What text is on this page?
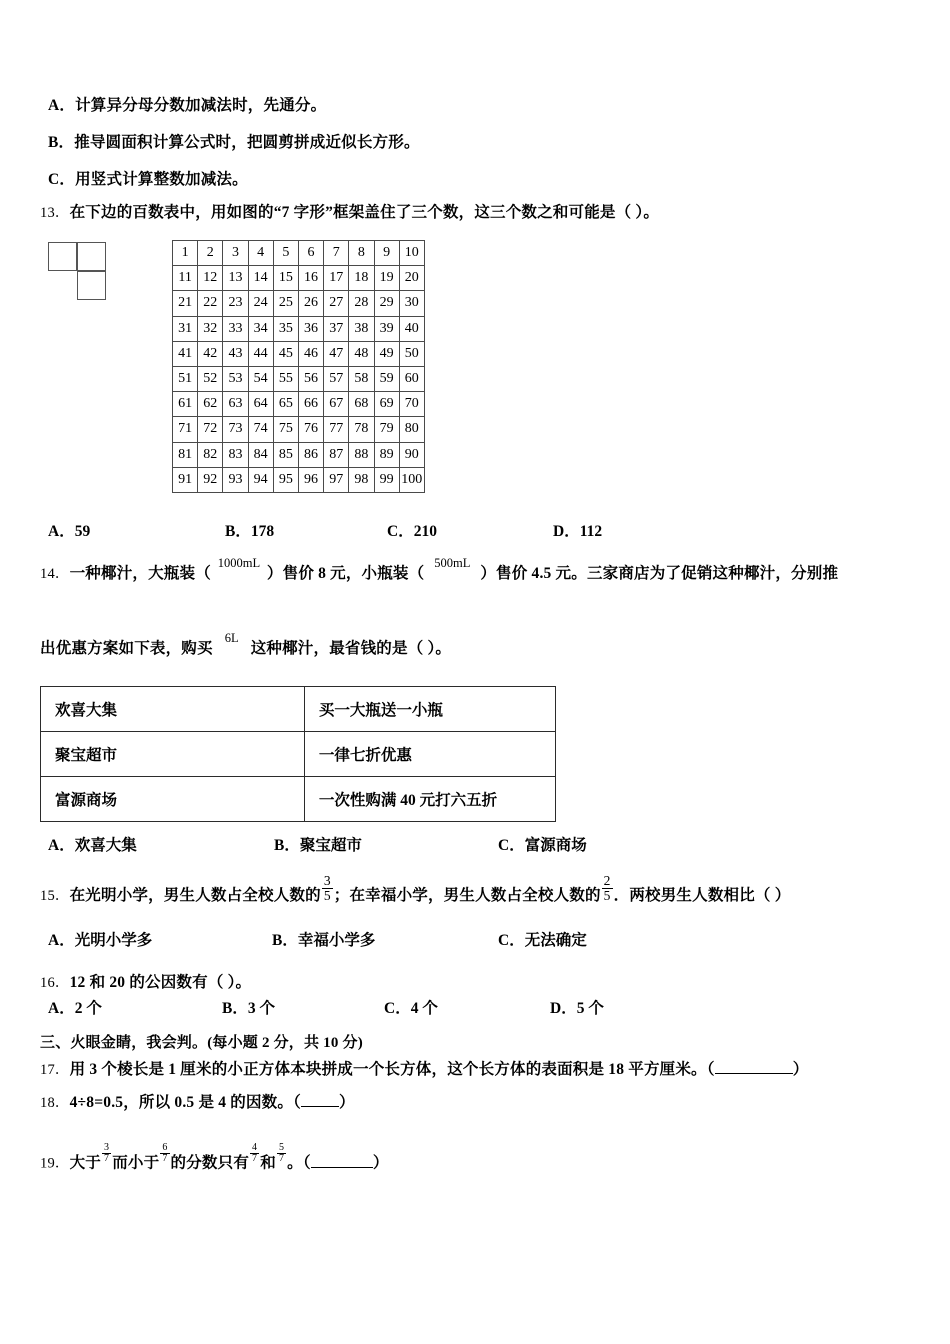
A．计算异分母分数加减法时，先通分。
B．推导圆面积计算公式时，把圆剪拼成近似长方形。
C．用竖式计算整数加减法。
13．在下边的百数表中，用如图的“7 字形”框架盖住了三个数，这三个数之和可能是（ ）。
1	2	3	4	5	6	7	8	9	10
11	12	13	14	15	16	17	18	19	20
21	22	23	24	25	26	27	28	29	30
31	32	33	34	35	36	37	38	39	40
41	42	43	44	45	46	47	48	49	50
51	52	53	54	55	56	57	58	59	60
61	62	63	64	65	66	67	68	69	70
71	72	73	74	75	76	77	78	79	80
81	82	83	84	85	86	87	88	89	90
91	92	93	94	95	96	97	98	99	100
A．59	B．178	C．210	D．112
14．一种椰汁，大瓶装（$^{1000mL}$）售价 8 元，小瓶装（$^{500mL}$）售价 4.5 元。三家商店为了促销这种椰汁，分别推
出优惠方案如下表，购买$^{6L}$这种椰汁，最省钱的是（ ）。
欢喜大集	买一大瓶送一小瓶
聚宝超市	一律七折优惠
富源商场	一次性购满 40 元打六五折
A．欢喜大集	B．聚宝超市	C．富源商场
15．在光明小学，男生人数占全校人数的 $\frac{3}{5}$ ；在幸福小学，男生人数占全校人数的 $\frac{2}{5}$ ．两校男生人数相比（ ）
A．光明小学多	B．幸福小学多	C．无法确定
16．12 和 20 的公因数有（ ）。
A．2 个	B．3 个	C．4 个	D．5 个
三、火眼金睛，我会判。(每小题 2 分，共 10 分)
17．用 3 个棱长是 1 厘米的小正方体本块拼成一个长方体，这个长方体的表面积是 18 平方厘米。（	）
18．4÷8=0.5，所以 0.5 是 4 的因数。（ ）
19．大于 $\frac{3}{7}$ 而小于 $\frac{6}{7}$ 的分数只有 $\frac{4}{7}$ 和 $\frac{5}{7}$ 。（	）
